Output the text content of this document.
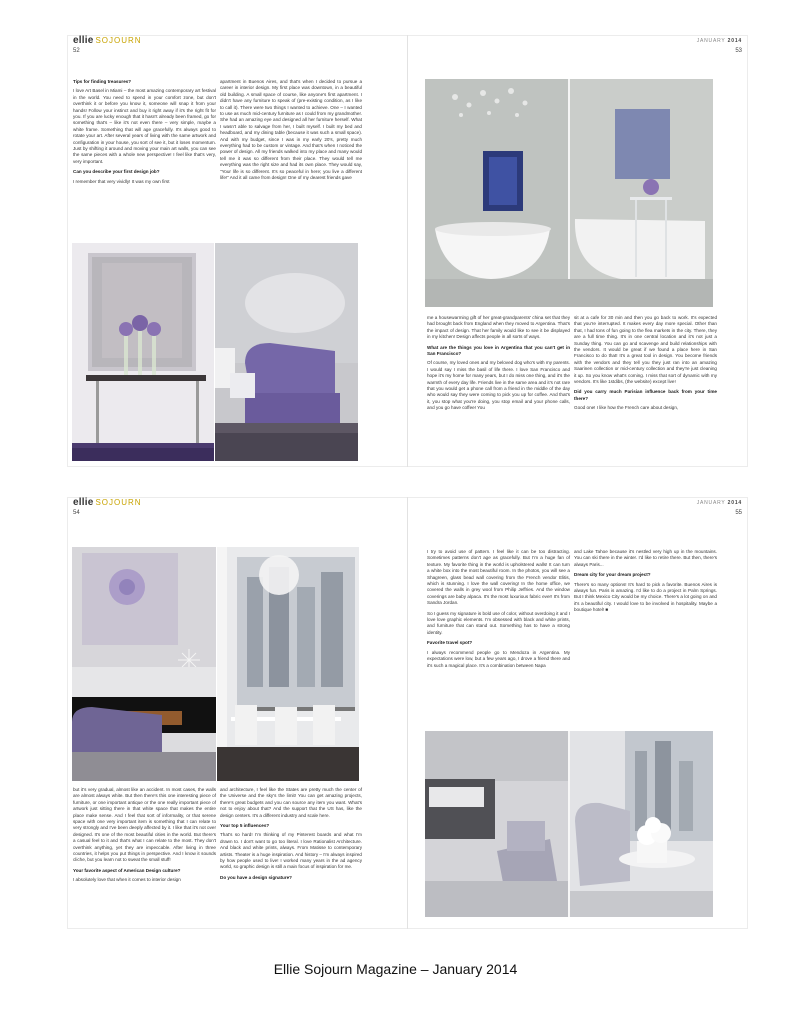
ellie SOJOURN
52
JANUARY 2014
53

Tips for finding treasures?

I love Art Basel in Miami – the most amazing contemporary art festival in the world. You need to spend in your comfort zone, but don't overthink it or before you know it, someone will snap it from your hands! Follow your instinct and buy it right away if it's the right fit for you. If you are lucky enough that it hasn't already been framed, go for something that's – like it's not even there – very simple, maybe a white frame. Something that will age gracefully. It's always good to rotate your art. After several years of living with the same artwork and configuration in your house, you sort of see it, but it loses momentum. Just by shifting it around and moving your main art walls, you can see the same pieces with a whole new perspective! I feel like that's very, very important.

Can you describe your first design job?

I remember that very vividly! It was my own first

apartment in Buenos Aires, and that's when I decided to pursue a career in interior design. My first place was downtown, in a beautiful old building. A small space of course, like anyone's first apartment. I didn't have any furniture to speak of (pre-existing condition, as I like to call it). There were two things I wanted to achieve. One – I wanted to use as much mid-century furniture as I could from my grandmother. She had an amazing eye and designed all her furniture herself. What I wasn't able to salvage from her, I built myself. I built my bed and headboard, and my dining table (because it was such a small space). And with my budget, since I was in my early 20's, pretty much everything had to be custom or vintage. And that's when I noticed the power of design. All my friends walked into my place and many would tell me it was so different from their place. They would tell me everything was the right size and had its own place. They would say, "Your life is so different. It's so peaceful in here; you live a different life!" And it all came from design! One of my dearest friends gave

me a housewarming gift of her great-grandparents' china set that they had brought back from England when they moved to Argentina. That's the impact of design. That her family would like to see it be displayed in my kitchen! Design affects people in all sorts of ways.

What are the things you love in Argentina that you can't get in San Francisco?

Of course, my loved ones and my beloved dog who's with my parents. I would say I miss the basil of life there. I love San Francisco and hope it's my home for many years, but I do miss one thing, and it's the warmth of every day life. Friends live in the same area and it's not rare that you would get a phone call from a friend in the middle of the day who would say they were coming to pick you up for coffee. And that's it, you stop what you're doing, you stop email and your phone calls, and you go have coffee! You

sit at a cafe for 30 min and then you go back to work. It's expected that you're interrupted. It makes every day more special. Other than that, I had tons of fun going to the flea markets in the city. There, they are a full time thing. It's in one central location and it's not just a Sunday thing. You can go and scavenge and build relationships with the vendors. It would be great if we found a place here in San Francisco to do that! It's a great tool in design. You become friends with the vendors and they tell you they just ran into an amazing Saarinen collection or mid-century collection and they're just cleaning it up. So you know what's coming. I miss that sort of dynamic with my vendors. It's like 1stdibs, (the website) except live!

Did you carry much Parisian influence back from your time there?

Good one! I like how the French care about design,

ellie SOJOURN
54
JANUARY 2014
55

but it's very gradual, almost like an accident. In most cases, the walls are almost always white. But then there's this one interesting piece of furniture, or one important antique or the one really important piece of artwork just sitting there in that white space that makes the entire place make sense. And I feel that sort of informality, or that serene space with one very important item is something that I can relate to very strongly and I've been deeply affected by it. I like that it's not over designed. It's one of the most beautiful cities in the world. But there's a casual feel to it and that's what I can relate to the most. They don't overthink anything, yet they are impeccable. After living in three countries, it helps you put things in perspective. And I know it sounds cliche, but you learn not to sweat the small stuff!

Your favorite aspect of American Design culture?

I absolutely love that when it comes to interior design

and architecture, I feel like the States are pretty much the center of the Universe and the sky's the limit! You can get amazing projects, there's great budgets and you can source any item you want. What's not to enjoy about that? And the support that the US has, like the design centers. It's a different industry and scale here.

Your top 5 influences?

That's so hard! I'm thinking of my Pinterest boards and what I'm drawn to. I don't want to go too literal. I love Rationalist Architecture. And black and white prints, always. From Matisse to contemporary artists. Theater is a huge inspiration. And history – I'm always inspired by how people used to live! I worked many years in the ad agency world, so graphic design is still a main focus of inspiration for me.

Do you have a design signature?

I try to avoid use of pattern. I feel like it can be too distracting. Sometimes patterns don't age as gracefully. But I'm a huge fan of texture. My favorite thing in the world is upholstered walls! It can turn a white box into the most beautiful room. In the photos, you will see a Shagreen, glass bead wall covering from the French vendor Elitis, which is stunning. I love the wall covering! In the home office, we covered the walls in grey wool from Philip Jeffries. And the window coverings are baby alpaca. It's the most luxurious fabric ever! It's from Sandra Jordan.

So I guess my signature is bold use of color, without overdoing it and I love love graphic elements. I'm obsessed with black and white prints, and furniture that can stand out. Something has to have a strong identity.

Favorite travel spot?

I always recommend people go to Mendoza in Argentina. My expectations were low, but a few years ago, I drove a friend there and it's such a magical place. It's a combination between Napa

and Lake Tahoe because it's nestled very high up in the mountains. You can ski there in the winter. I'd like to retire there. But then, there's always Paris...

Dream city for your dream project?

There's so many options! It's hard to pick a favorite. Buenos Aires is always fun. Paris is amazing. I'd like to do a project in Palm Springs. But I think Mexico City would be my choice. There's a lot going on and it's a beautiful city. I would love to be involved in hospitality. Maybe a boutique hotel! ■

Ellie Sojourn Magazine – January 2014
